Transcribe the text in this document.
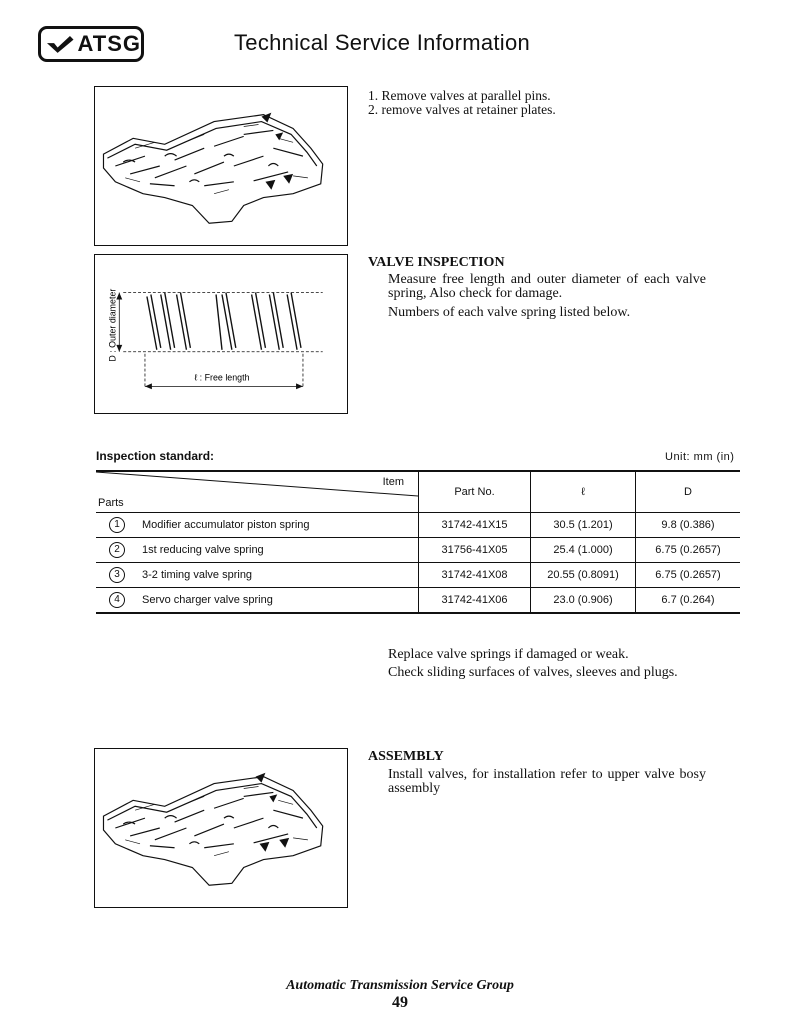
ATSG	Technical Service Information
1. Remove valves at parallel pins.
2. remove valves at retainer plates.
D : Outer diameter
ℓ : Free length
VALVE INSPECTION
Measure free length and outer diameter of each valve spring, Also check for damage.
Numbers of each valve spring listed below.
Inspection standard:	Unit: mm (in)
Item
Parts		Part No.	ℓ	D
1	Modifier accumulator piston spring	31742-41X15	30.5 (1.201)	9.8 (0.386)
2	1st reducing valve spring	31756-41X05	25.4 (1.000)	6.75 (0.2657)
3	3-2 timing valve spring	31742-41X08	20.55 (0.8091)	6.75 (0.2657)
4	Servo charger valve spring	31742-41X06	23.0 (0.906)	6.7 (0.264)
Replace valve springs if damaged or weak.
Check sliding surfaces of valves, sleeves and plugs.
ASSEMBLY
Install valves, for installation refer to upper valve bosy assembly
Automatic Transmission Service Group
49
